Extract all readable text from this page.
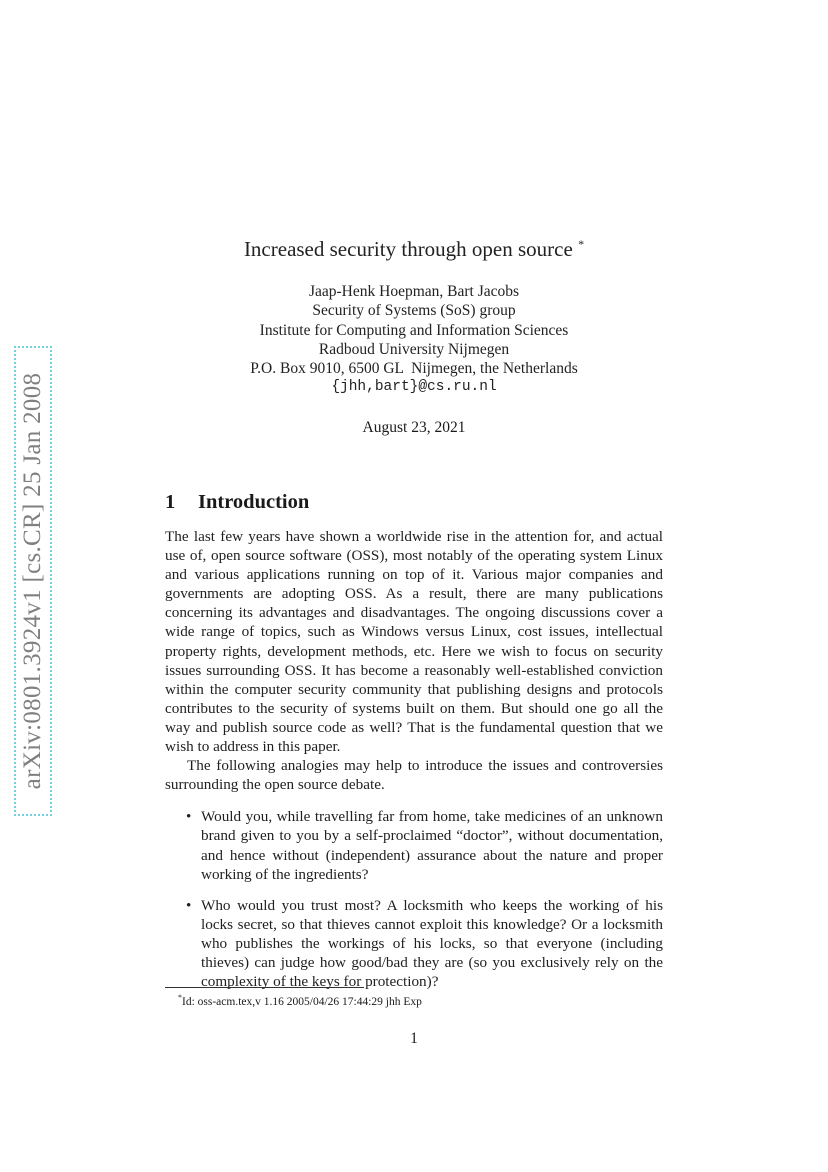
arXiv:0801.3924v1 [cs.CR] 25 Jan 2008
Increased security through open source *
Jaap-Henk Hoepman, Bart Jacobs
Security of Systems (SoS) group
Institute for Computing and Information Sciences
Radboud University Nijmegen
P.O. Box 9010, 6500 GL  Nijmegen, the Netherlands
{jhh,bart}@cs.ru.nl
August 23, 2021
1 Introduction

The last few years have shown a worldwide rise in the attention for, and actual use of, open source software (OSS), most notably of the operating system Linux and various applications running on top of it. Various major companies and governments are adopting OSS. As a result, there are many publications concerning its advantages and disadvantages. The ongoing discussions cover a wide range of topics, such as Windows versus Linux, cost issues, intellectual property rights, development methods, etc. Here we wish to focus on security issues surrounding OSS. It has become a reasonably well-established conviction within the computer security community that publishing designs and protocols contributes to the security of systems built on them. But should one go all the way and publish source code as well? That is the fundamental question that we wish to address in this paper.

The following analogies may help to introduce the issues and controversies surrounding the open source debate.

• Would you, while travelling far from home, take medicines of an unknown brand given to you by a self-proclaimed “doctor”, without documentation, and hence without (independent) assurance about the nature and proper working of the ingredients?
• Who would you trust most? A locksmith who keeps the working of his locks secret, so that thieves cannot exploit this knowledge? Or a locksmith who publishes the workings of his locks, so that everyone (including thieves) can judge how good/bad they are (so you exclusively rely on the complexity of the keys for protection)?
*Id: oss-acm.tex,v 1.16 2005/04/26 17:44:29 jhh Exp
1
